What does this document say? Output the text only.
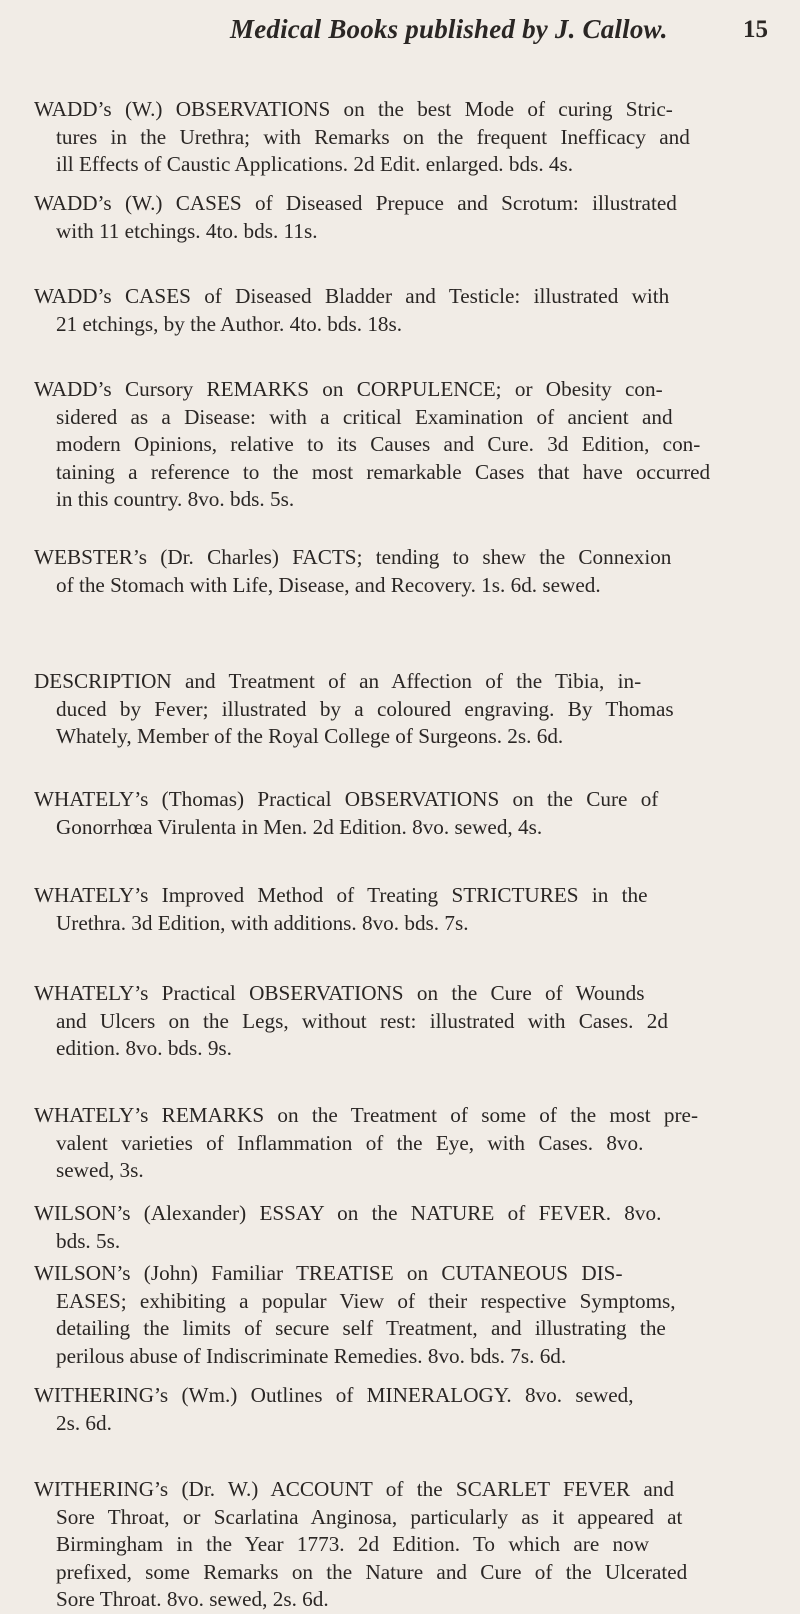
Medical Books published by J. Callow.	15
WADD’s (W.) OBSERVATIONS on the best Mode of curing Stric-
tures in the Urethra; with Remarks on the frequent Inefficacy and
ill Effects of Caustic Applications. 2d Edit. enlarged. bds. 4s.
WADD’s (W.) CASES of Diseased Prepuce and Scrotum: illustrated
with 11 etchings. 4to. bds. 11s.
WADD’s CASES of Diseased Bladder and Testicle: illustrated with
21 etchings, by the Author. 4to. bds. 18s.
WADD’s Cursory REMARKS on CORPULENCE; or Obesity con-
sidered as a Disease: with a critical Examination of ancient and
modern Opinions, relative to its Causes and Cure. 3d Edition, con-
taining a reference to the most remarkable Cases that have occurred
in this country. 8vo. bds. 5s.
WEBSTER’s (Dr. Charles) FACTS; tending to shew the Connexion
of the Stomach with Life, Disease, and Recovery. 1s. 6d. sewed.
DESCRIPTION and Treatment of an Affection of the Tibia, in-
duced by Fever; illustrated by a coloured engraving. By Thomas
Whately, Member of the Royal College of Surgeons. 2s. 6d.
WHATELY’s (Thomas) Practical OBSERVATIONS on the Cure of
Gonorrhœa Virulenta in Men. 2d Edition. 8vo. sewed, 4s.
WHATELY’s Improved Method of Treating STRICTURES in the
Urethra. 3d Edition, with additions. 8vo. bds. 7s.
WHATELY’s Practical OBSERVATIONS on the Cure of Wounds
and Ulcers on the Legs, without rest: illustrated with Cases. 2d
edition. 8vo. bds. 9s.
WHATELY’s REMARKS on the Treatment of some of the most pre-
valent varieties of Inflammation of the Eye, with Cases. 8vo.
sewed, 3s.
WILSON’s (Alexander) ESSAY on the NATURE of FEVER. 8vo.
bds. 5s.
WILSON’s (John) Familiar TREATISE on CUTANEOUS DIS-
EASES; exhibiting a popular View of their respective Symptoms,
detailing the limits of secure self Treatment, and illustrating the
perilous abuse of Indiscriminate Remedies. 8vo. bds. 7s. 6d.
WITHERING’s (Wm.) Outlines of MINERALOGY. 8vo. sewed,
2s. 6d.
WITHERING’s (Dr. W.) ACCOUNT of the SCARLET FEVER and
Sore Throat, or Scarlatina Anginosa, particularly as it appeared at
Birmingham in the Year 1773. 2d Edition. To which are now
prefixed, some Remarks on the Nature and Cure of the Ulcerated
Sore Throat. 8vo. sewed, 2s. 6d.
